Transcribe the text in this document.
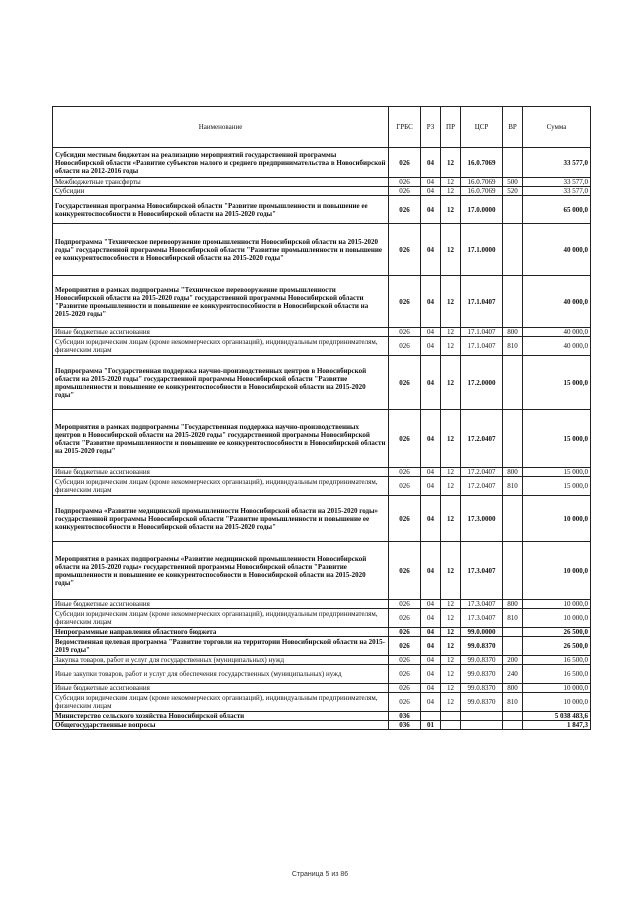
Наименование	ГРБС	РЗ	ПР	ЦСР	ВР	Сумма
Субсидии местным бюджетам на реализацию мероприятий государственной программы Новосибирской области «Развитие субъектов малого и среднего предпринимательства в Новосибирской области на 2012-2016 годы	026	04	12	16.0.7069		33 577,0
Межбюджетные трансферты	026	04	12	16.0.7069	500	33 577,0
Субсидии	026	04	12	16.0.7069	520	33 577,0
Государственная программа Новосибирской области "Развитие промышленности и повышение ее конкурентоспособности в Новосибирской области на 2015-2020 годы"	026	04	12	17.0.0000		65 000,0
Подпрограмма "Техническое перевооружение промышленности Новосибирской области на 2015-2020 годы" государственной программы Новосибирской области "Развитие промышленности и повышение ее конкурентоспособности в Новосибирской области на 2015-2020 годы"	026	04	12	17.1.0000		40 000,0
Мероприятия в рамках подпрограммы "Техническое перевооружение промышленности Новосибирской области на 2015-2020 годы" государственной программы Новосибирской области "Развитие промышленности и повышение ее конкурентоспособности в Новосибирской области на 2015-2020 годы"	026	04	12	17.1.0407		40 000,0
Иные бюджетные ассигнования	026	04	12	17.1.0407	800	40 000,0
Субсидии юридическим лицам (кроме некоммерческих организаций), индивидуальным предпринимателям, физическим лицам	026	04	12	17.1.0407	810	40 000,0
Подпрограмма "Государственная поддержка научно-производственных центров в Новосибирской области на 2015-2020 годы" государственной программы Новосибирской области "Развитие промышленности и повышение ее конкурентоспособности в Новосибирской области на 2015-2020 годы"	026	04	12	17.2.0000		15 000,0
Мероприятия в рамках подпрограммы "Государственная поддержка научно-производственных центров в Новосибирской области на 2015-2020 годы" государственной программы Новосибирской области "Развитие промышленности и повышение ее конкурентоспособности в Новосибирской области на 2015-2020 годы"	026	04	12	17.2.0407		15 000,0
Иные бюджетные ассигнования	026	04	12	17.2.0407	800	15 000,0
Субсидии юридическим лицам (кроме некоммерческих организаций), индивидуальным предпринимателям, физическим лицам	026	04	12	17.2.0407	810	15 000,0
Подпрограмма «Развитие медицинской промышленности Новосибирской области на 2015-2020 годы» государственной программы Новосибирской области "Развитие промышленности и повышение ее конкурентоспособности в Новосибирской области на 2015-2020 годы"	026	04	12	17.3.0000		10 000,0
Мероприятия в рамках подпрограммы «Развитие медицинской промышленности Новосибирской области на 2015-2020 годы» государственной программы Новосибирской области "Развитие промышленности и повышение ее конкурентоспособности в Новосибирской области на 2015-2020 годы"	026	04	12	17.3.0407		10 000,0
Иные бюджетные ассигнования	026	04	12	17.3.0407	800	10 000,0
Субсидии юридическим лицам (кроме некоммерческих организаций), индивидуальным предпринимателям, физическим лицам	026	04	12	17.3.0407	810	10 000,0
Непрограммные направления областного бюджета	026	04	12	99.0.0000		26 500,0
Ведомственная целевая программа "Развитие торговли на территории Новосибирской области на 2015-2019 годы"	026	04	12	99.0.8370		26 500,0
Закупка товаров, работ и услуг для государственных (муниципальных) нужд	026	04	12	99.0.8370	200	16 500,0
Иные закупки товаров, работ и услуг для обеспечения государственных (муниципальных) нужд	026	04	12	99.0.8370	240	16 500,0
Иные бюджетные ассигнования	026	04	12	99.0.8370	800	10 000,0
Субсидии юридическим лицам (кроме некоммерческих организаций), индивидуальным предпринимателям, физическим лицам	026	04	12	99.0.8370	810	10 000,0
Министерство сельского хозяйства Новосибирской области	036					5 038 483,6
Общегосударственные вопросы	036	01				1 847,3
Страница 5 из 86
